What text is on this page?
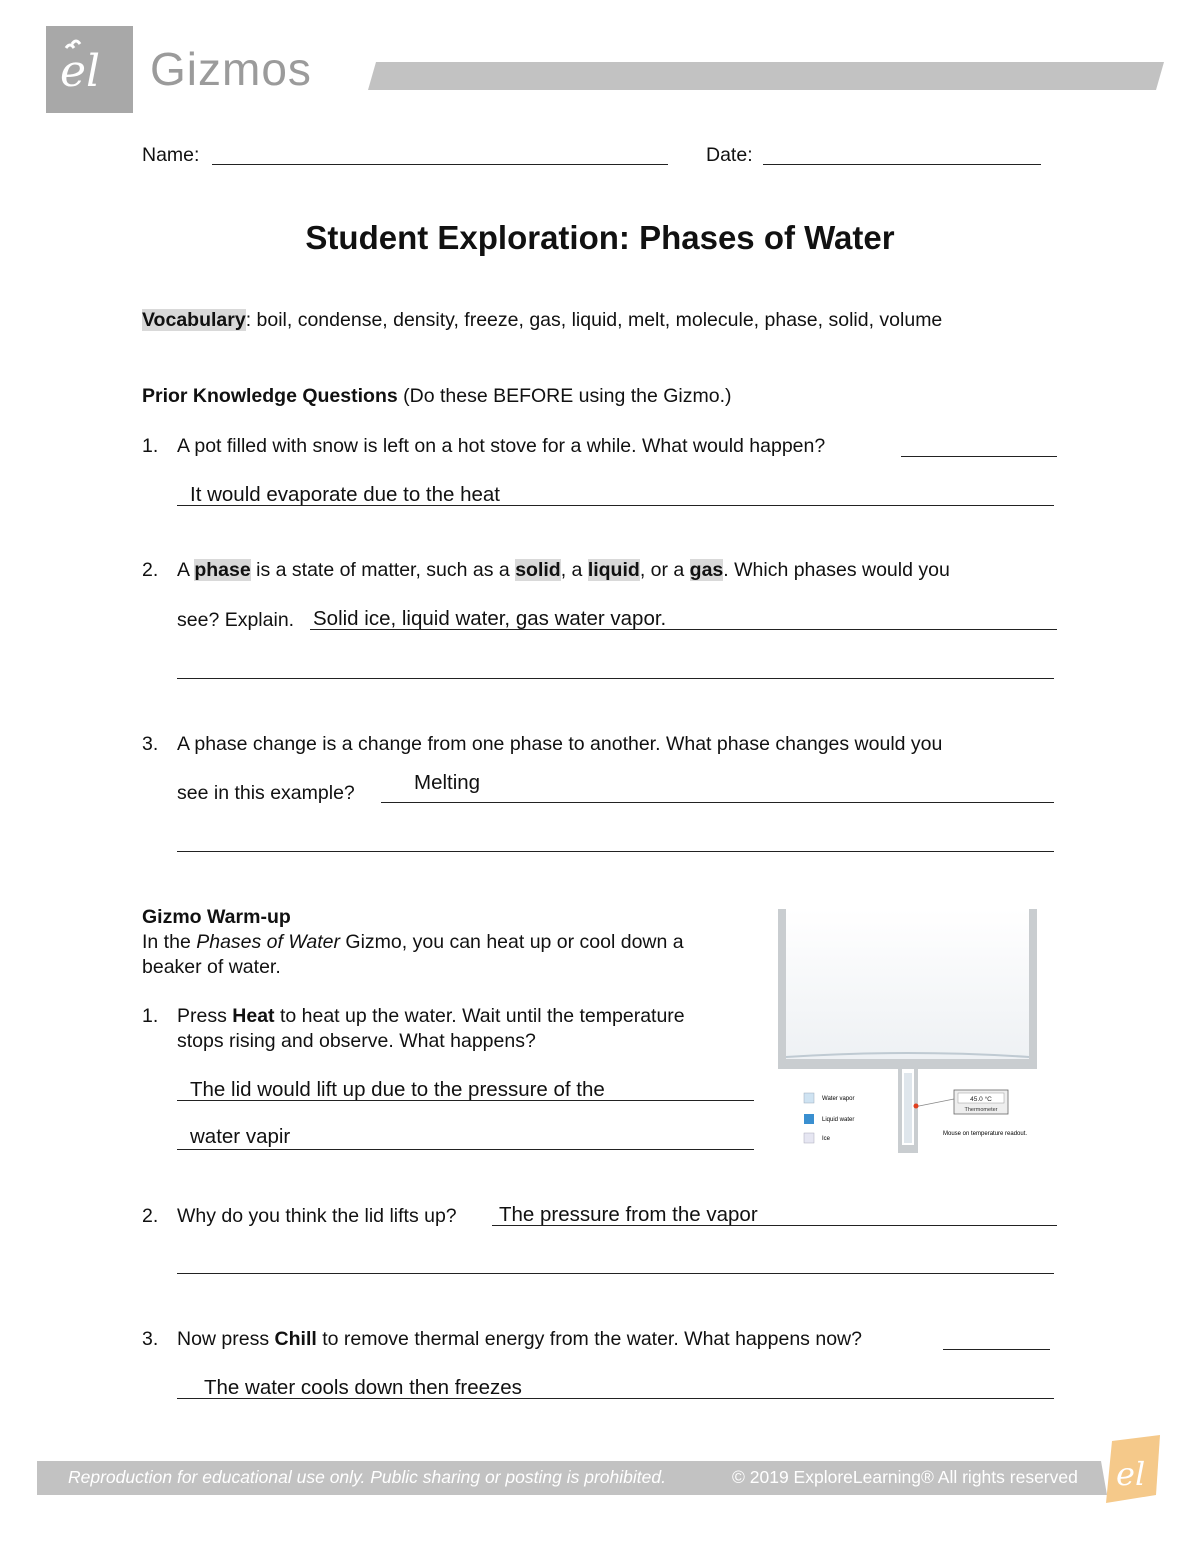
el Gizmos
Name:	Date:
Student Exploration: Phases of Water
Vocabulary: boil, condense, density, freeze, gas, liquid, melt, molecule, phase, solid, volume
Prior Knowledge Questions (Do these BEFORE using the Gizmo.)
1. A pot filled with snow is left on a hot stove for a while. What would happen?
It would evaporate due to the heat
2. A phase is a state of matter, such as a solid, a liquid, or a gas. Which phases would you
see? Explain. Solid ice, liquid water, gas water vapor.
3. A phase change is a change from one phase to another. What phase changes would you
see in this example?	Melting
Gizmo Warm-up
In the Phases of Water Gizmo, you can heat up or cool down a
beaker of water.
1. Press Heat to heat up the water. Wait until the temperature
stops rising and observe. What happens?
The lid would lift up due to the pressure of the
water vapir
Water vapor
Liquid water
Ice
45.0 °C
Thermometer
Mouse on temperature readout.
2. Why do you think the lid lifts up? The pressure from the vapor
3. Now press Chill to remove thermal energy from the water. What happens now?
The water cools down then freezes
Reproduction for educational use only. Public sharing or posting is prohibited.	© 2019 ExploreLearning® All rights reserved el
